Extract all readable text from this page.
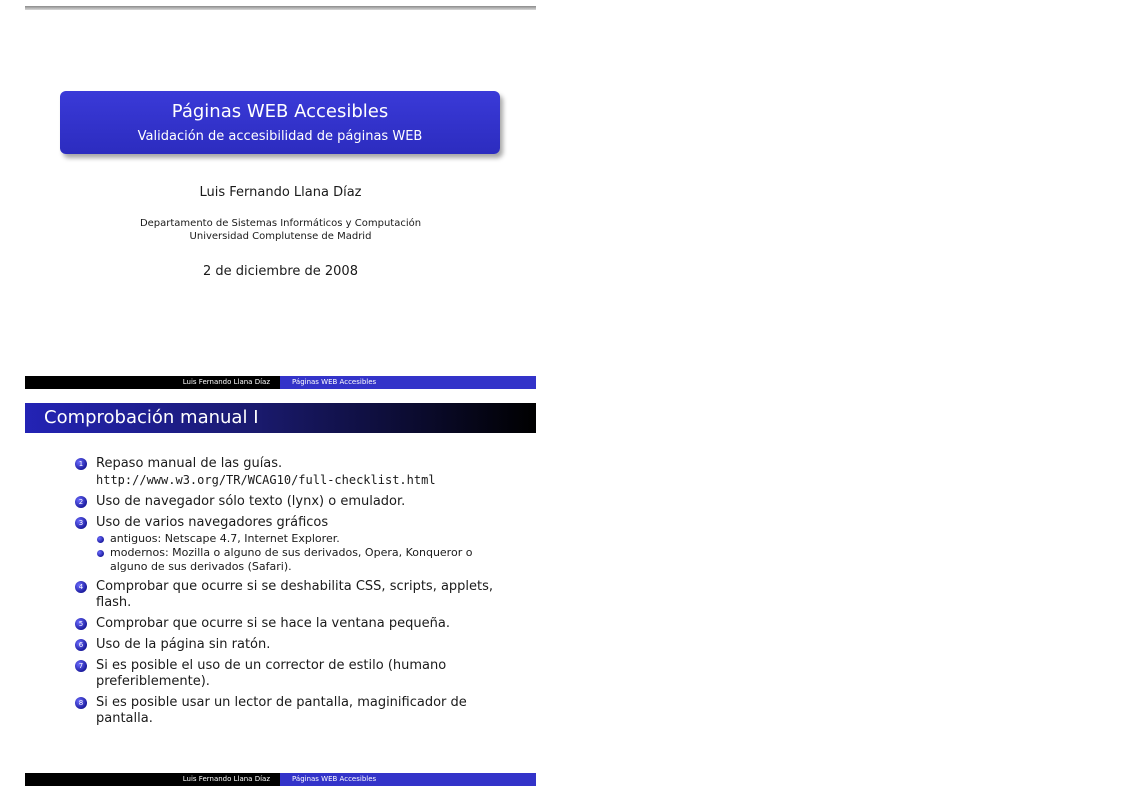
Páginas WEB Accesibles
Validación de accesibilidad de páginas WEB
Luis Fernando Llana Díaz
Departamento de Sistemas Informáticos y Computación
Universidad Complutense de Madrid
2 de diciembre de 2008
Luis Fernando Llana Díaz	Páginas WEB Accesibles
Comprobación manual I
1 Repaso manual de las guías.
http://www.w3.org/TR/WCAG10/full-checklist.html
2 Uso de navegador sólo texto (lynx) o emulador.
3 Uso de varios navegadores gráficos
antiguos: Netscape 4.7, Internet Explorer.
modernos: Mozilla o alguno de sus derivados, Opera, Konqueror o alguno de sus derivados (Safari).
4 Comprobar que ocurre si se deshabilita CSS, scripts, applets, flash.
5 Comprobar que ocurre si se hace la ventana pequeña.
6 Uso de la página sin ratón.
7 Si es posible el uso de un corrector de estilo (humano preferiblemente).
8 Si es posible usar un lector de pantalla, maginificador de pantalla.
Luis Fernando Llana Díaz	Páginas WEB Accesibles
